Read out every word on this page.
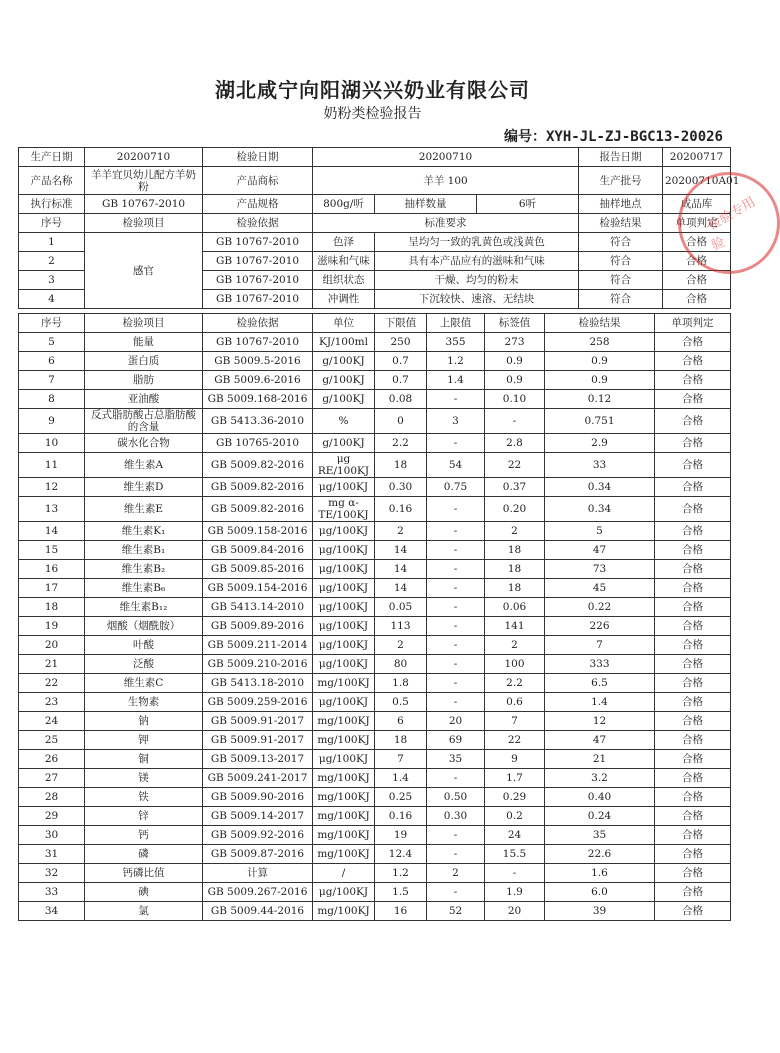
湖北咸宁向阳湖兴兴奶业有限公司
奶粉类检验报告
编号：XYH-JL-ZJ-BGC13-20026
生产日期	20200710	检验日期	20200710			报告日期	20200717
产品名称	羊羊宜贝幼儿配方羊奶粉	产品商标	羊羊 100			生产批号	20200710A01
执行标准	GB 10767-2010	产品规格	800g/听	抽样数量	6听	抽样地点	成品库
序号	检验项目	检验依据	标准要求			检验结果	单项判定
1	感官	GB 10767-2010	色泽	呈均匀一致的乳黄色或浅黄色		符合	合格
2		GB 10767-2010	滋味和气味	具有本产品应有的滋味和气味		符合	合格
3		GB 10767-2010	组织状态	干燥、均匀的粉末		符合	合格
4		GB 10767-2010	冲调性	下沉较快、速溶、无结块		符合	合格
序号	检验项目	检验依据	单位	下限值	上限值	标签值	检验结果	单项判定
5	能量	GB 10767-2010	KJ/100ml	250	355	273	258	合格
6	蛋白质	GB 5009.5-2016	g/100KJ	0.7	1.2	0.9	0.9	合格
7	脂肪	GB 5009.6-2016	g/100KJ	0.7	1.4	0.9	0.9	合格
8	亚油酸	GB 5009.168-2016	g/100KJ	0.08	-	0.10	0.12	合格
9	反式脂肪酸占总脂肪酸的含量	GB 5413.36-2010	%	0	3	-	0.751	合格
10	碳水化合物	GB 10765-2010	g/100KJ	2.2	-	2.8	2.9	合格
11	维生素A	GB 5009.82-2016	μg RE/100KJ	18	54	22	33	合格
12	维生素D	GB 5009.82-2016	μg/100KJ	0.30	0.75	0.37	0.34	合格
13	维生素E	GB 5009.82-2016	mg α-TE/100KJ	0.16	-	0.20	0.34	合格
14	维生素K₁	GB 5009.158-2016	μg/100KJ	2	-	2	5	合格
15	维生素B₁	GB 5009.84-2016	μg/100KJ	14	-	18	47	合格
16	维生素B₂	GB 5009.85-2016	μg/100KJ	14	-	18	73	合格
17	维生素B₆	GB 5009.154-2016	μg/100KJ	14	-	18	45	合格
18	维生素B₁₂	GB 5413.14-2010	μg/100KJ	0.05	-	0.06	0.22	合格
19	烟酸（烟酰胺）	GB 5009.89-2016	μg/100KJ	113	-	141	226	合格
20	叶酸	GB 5009.211-2014	μg/100KJ	2	-	2	7	合格
21	泛酸	GB 5009.210-2016	μg/100KJ	80	-	100	333	合格
22	维生素C	GB 5413.18-2010	mg/100KJ	1.8	-	2.2	6.5	合格
23	生物素	GB 5009.259-2016	μg/100KJ	0.5	-	0.6	1.4	合格
24	钠	GB 5009.91-2017	mg/100KJ	6	20	7	12	合格
25	钾	GB 5009.91-2017	mg/100KJ	18	69	22	47	合格
26	铜	GB 5009.13-2017	μg/100KJ	7	35	9	21	合格
27	镁	GB 5009.241-2017	mg/100KJ	1.4	-	1.7	3.2	合格
28	铁	GB 5009.90-2016	mg/100KJ	0.25	0.50	0.29	0.40	合格
29	锌	GB 5009.14-2017	mg/100KJ	0.16	0.30	0.2	0.24	合格
30	钙	GB 5009.92-2016	mg/100KJ	19	-	24	35	合格
31	磷	GB 5009.87-2016	mg/100KJ	12.4	-	15.5	22.6	合格
32	钙磷比值	计算	/	1.2	2	-	1.6	合格
33	碘	GB 5009.267-2016	μg/100KJ	1.5	-	1.9	6.0	合格
34	氯	GB 5009.44-2016	mg/100KJ	16	52	20	39	合格
检验专用
验
